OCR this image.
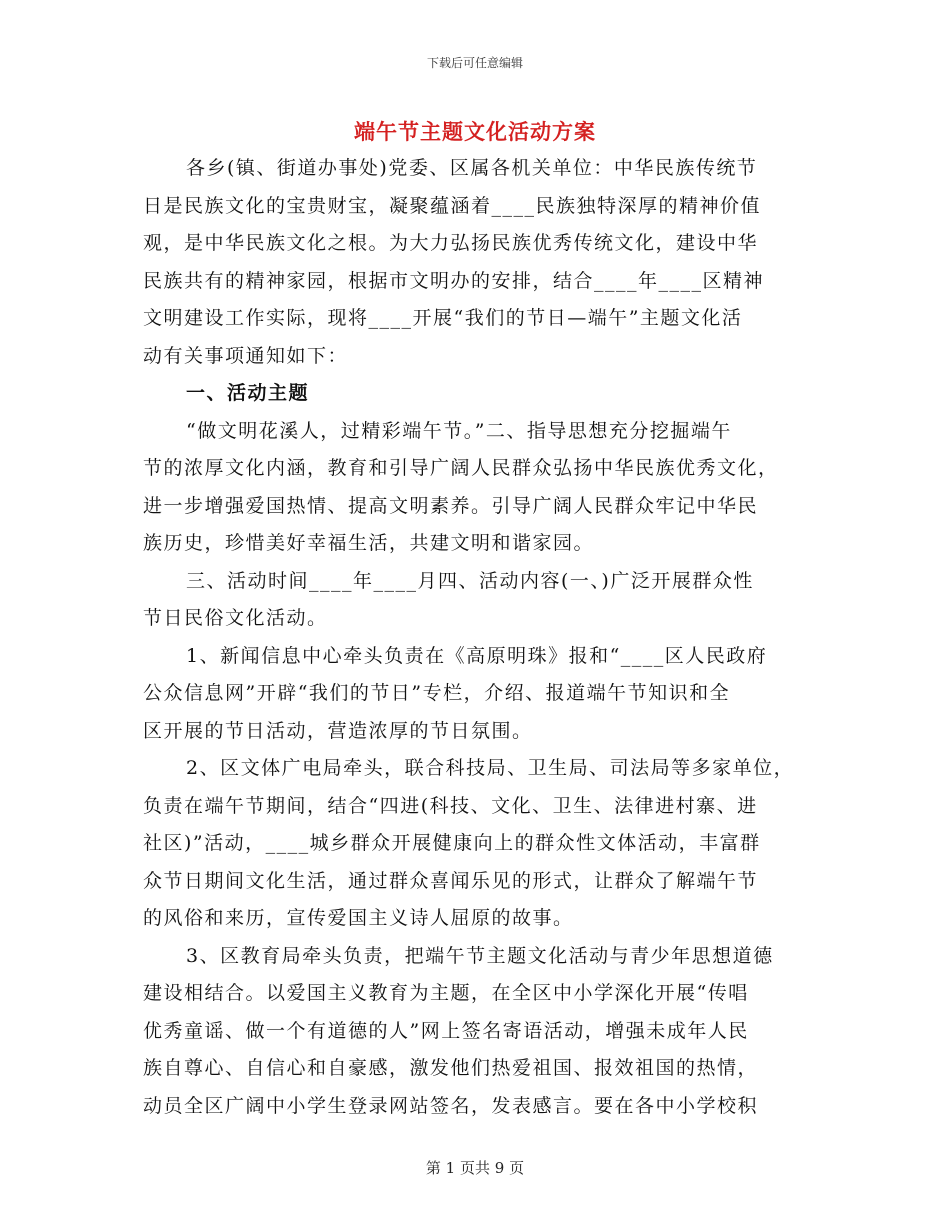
下载后可任意编辑
端午节主题文化活动方案
各乡(镇、街道办事处)党委、区属各机关单位：中华民族传统节
日是民族文化的宝贵财宝，凝聚蕴涵着____民族独特深厚的精神价值
观，是中华民族文化之根。为大力弘扬民族优秀传统文化，建设中华
民族共有的精神家园，根据市文明办的安排，结合____年____区精神
文明建设工作实际，现将____开展“我们的节日—端午”主题文化活
动有关事项通知如下：
一、活动主题
“做文明花溪人，过精彩端午节。”二、指导思想充分挖掘端午
节的浓厚文化内涵，教育和引导广阔人民群众弘扬中华民族优秀文化，
进一步增强爱国热情、提高文明素养。引导广阔人民群众牢记中华民
族历史，珍惜美好幸福生活，共建文明和谐家园。
三、活动时间____年____月四、活动内容(一、)广泛开展群众性
节日民俗文化活动。
1、新闻信息中心牵头负责在《高原明珠》报和“____区人民政府
公众信息网”开辟“我们的节日”专栏，介绍、报道端午节知识和全
区开展的节日活动，营造浓厚的节日氛围。
2、区文体广电局牵头，联合科技局、卫生局、司法局等多家单位，
负责在端午节期间，结合“四进(科技、文化、卫生、法律进村寨、进
社区)”活动，____城乡群众开展健康向上的群众性文体活动，丰富群
众节日期间文化生活，通过群众喜闻乐见的形式，让群众了解端午节
的风俗和来历，宣传爱国主义诗人屈原的故事。
3、区教育局牵头负责，把端午节主题文化活动与青少年思想道德
建设相结合。以爱国主义教育为主题，在全区中小学深化开展“传唱
优秀童谣、做一个有道德的人”网上签名寄语活动，增强未成年人民
族自尊心、自信心和自豪感，激发他们热爱祖国、报效祖国的热情，
动员全区广阔中小学生登录网站签名，发表感言。要在各中小学校积
第 1 页共 9 页
